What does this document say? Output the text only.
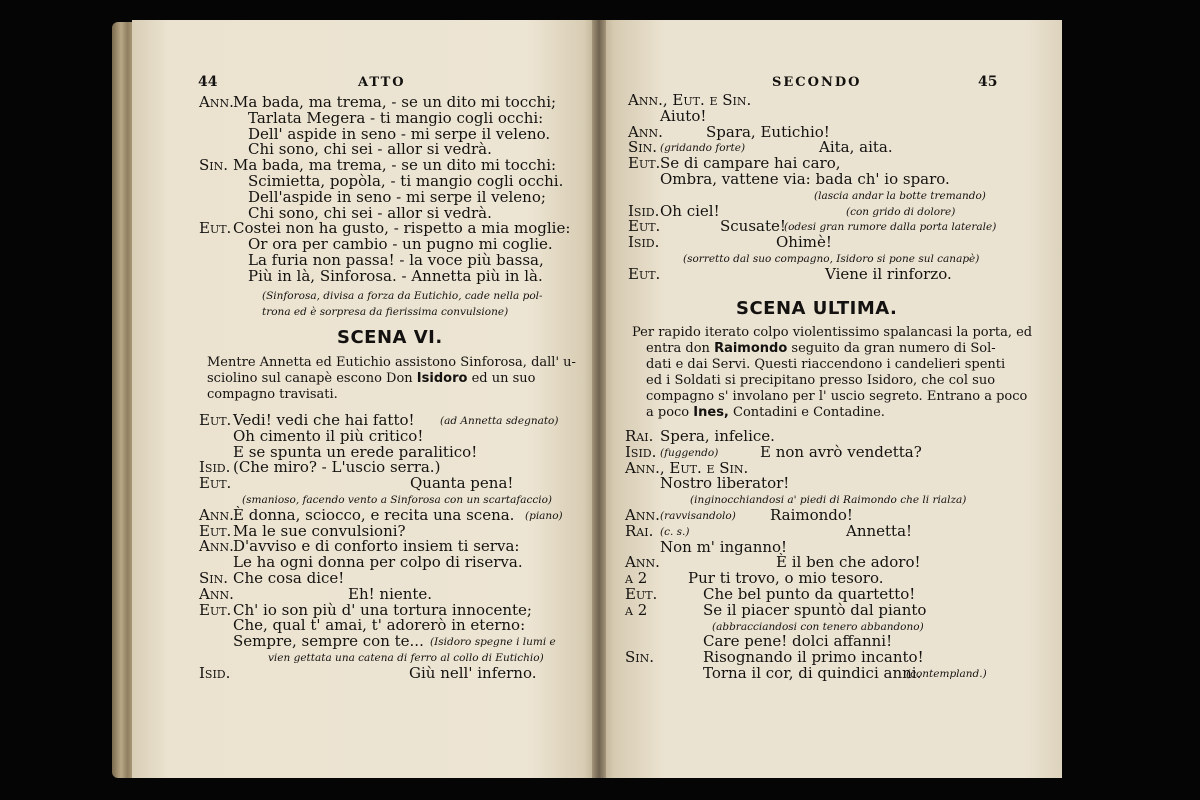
44	ATTO
Ann. Ma bada, ma trema, - se un dito mi tocchi;
Tarlata Megera - ti mangio cogli occhi:
Dell' aspide in seno - mi serpe il veleno.
Chi sono, chi sei - allor si vedrà.
Sin. Ma bada, ma trema, - se un dito mi tocchi:
Scimietta, popòla, - ti mangio cogli occhi.
Dell'aspide in seno - mi serpe il veleno;
Chi sono, chi sei - allor si vedrà.
Eut. Costei non ha gusto, - rispetto a mia moglie:
Or ora per cambio - un pugno mi coglie.
La furia non passa! - la voce più bassa,
Più in là, Sinforosa. - Annetta più in là.
(Sinforosa, divisa a forza da Eutichio, cade nella pol-
trona ed è sorpresa da fierissima convulsione)
SCENA VI.
Mentre Annetta ed Eutichio assistono Sinforosa, dall' u-
sciolino sul canapè escono Don Isidoro ed un suo
compagno travisati.
Eut. Vedi! vedi che hai fatto! (ad Annetta sdegnato)
Oh cimento il più critico!
E se spunta un erede paralitico!
Isid. (Che miro? - L'uscio serra.)
Eut.	Quanta pena!
(smanioso, facendo vento a Sinforosa con un scartafaccio)
Ann. È donna, sciocco, e recita una scena. (piano)
Eut. Ma le sue convulsioni?
Ann. D'avviso e di conforto insiem ti serva:
Le ha ogni donna per colpo di riserva.
Sin. Che cosa dice!
Ann.	Eh! niente.
Eut. Ch' io son più d' una tortura innocente;
Che, qual t' amai, t' adorerò in eterno:
Sempre, sempre con te... (Isidoro spegne i lumi e
vien gettata una catena di ferro al collo di Eutichio)
Isid.	Giù nell' inferno.
SECONDO	45
Ann., Eut. e Sin.
Aiuto!
Ann.	Spara, Eutichio!
Sin.	Aita, aita.
(gridando forte)
Eut. Se di campare hai caro,
Ombra, vattene via: bada ch' io sparo.
(lascia andar la botte tremando)
Isid. Oh ciel!	(con grido di dolore)
Eut.	Scusate!
(odesi gran rumore dalla porta laterale)
Isid.	Ohimè!
(sorretto dal suo compagno, Isidoro si pone sul canapè)
Eut.	Viene il rinforzo.
SCENA ULTIMA.
Per rapido iterato colpo violentissimo spalancasi la porta, ed
entra don Raimondo seguito da gran numero di Sol-
dati e dai Servi. Questi riaccendono i candelieri spenti
ed i Soldati si precipitano presso Isidoro, che col suo
compagno s' involano per l' uscio segreto. Entrano a poco
a poco Ines, Contadini e Contadine.
Rai. Spera, infelice.
Isid.	E non avrò vendetta?
(fuggendo)
Ann., Eut. e Sin.
Nostro liberator!
(inginocchiandosi a' piedi di Raimondo che li rialza)
Ann.	Raimondo!
(ravvisandolo)
Rai.	Annetta!
(c. s.)
Non m' inganno!
Ann.	È il ben che adoro!
a 2	Pur ti trovo, o mio tesoro.
Eut.	Che bel punto da quartetto!
a 2	Se il piacer spuntò dal pianto
(abbracciandosi con tenero abbandono)
Care pene! dolci affanni!
Sin.	Risognando il primo incanto!
Torna il cor, di quindici anni.
(contempland.)
